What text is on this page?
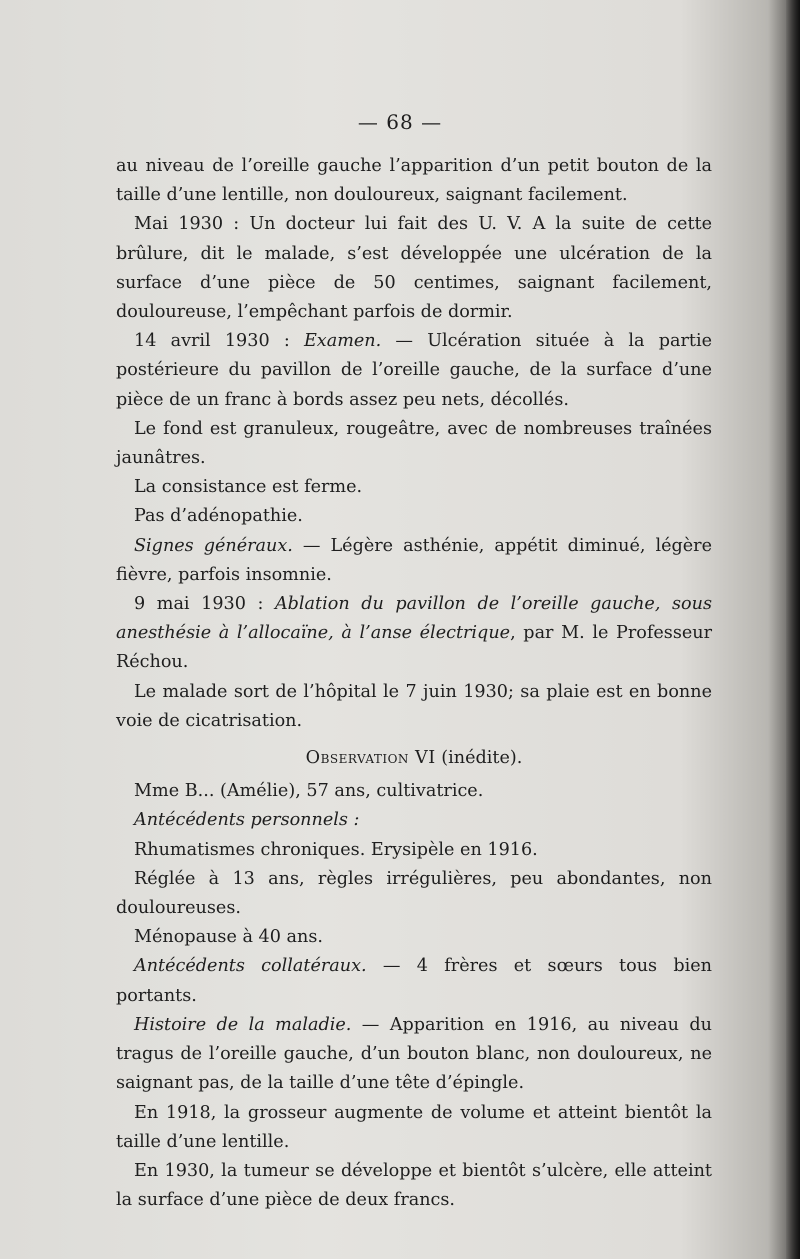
— 68 —

au niveau de l’oreille gauche l’apparition d’un petit bouton de la taille d’une lentille, non douloureux, saignant facilement.

Mai 1930 : Un docteur lui fait des U. V. A la suite de cette brûlure, dit le malade, s’est développée une ulcération de la surface d’une pièce de 50 centimes, saignant facilement, douloureuse, l’empêchant parfois de dormir.

14 avril 1930 : Examen. — Ulcération située à la partie postérieure du pavillon de l’oreille gauche, de la surface d’une pièce de un franc à bords assez peu nets, décollés.

Le fond est granuleux, rougeâtre, avec de nombreuses traînées jaunâtres.

La consistance est ferme.

Pas d’adénopathie.

Signes généraux. — Légère asthénie, appétit diminué, légère fièvre, parfois insomnie.

9 mai 1930 : Ablation du pavillon de l’oreille gauche, sous anesthésie à l’allocaïne, à l’anse électrique, par M. le Professeur Réchou.

Le malade sort de l’hôpital le 7 juin 1930; sa plaie est en bonne voie de cicatrisation.

Observation VI (inédite).

Mme B... (Amélie), 57 ans, cultivatrice.

Antécédents personnels :

Rhumatismes chroniques. Erysipèle en 1916.

Réglée à 13 ans, règles irrégulières, peu abondantes, non douloureuses.

Ménopause à 40 ans.

Antécédents collatéraux. — 4 frères et sœurs tous bien portants.

Histoire de la maladie. — Apparition en 1916, au niveau du tragus de l’oreille gauche, d’un bouton blanc, non douloureux, ne saignant pas, de la taille d’une tête d’épingle.

En 1918, la grosseur augmente de volume et atteint bientôt la taille d’une lentille.

En 1930, la tumeur se développe et bientôt s’ulcère, elle atteint la surface d’une pièce de deux francs.
